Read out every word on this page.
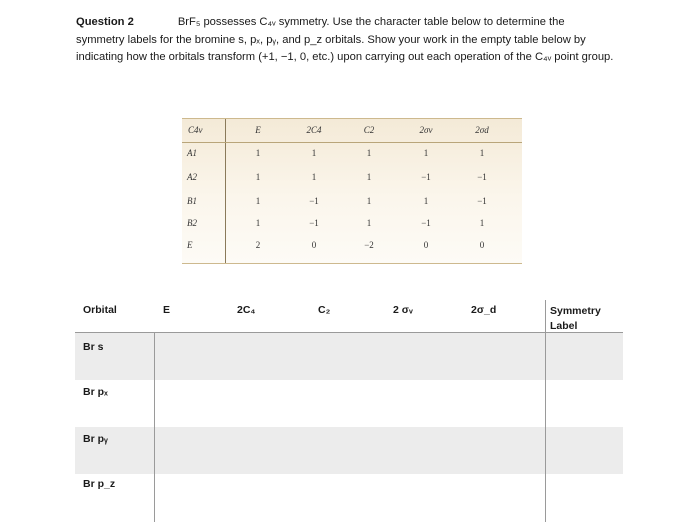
Question 2	BrF₅ possesses C₄ᵥ symmetry. Use the character table below to determine the symmetry labels for the bromine s, pₓ, pᵧ, and p_z orbitals. Show your work in the empty table below by indicating how the orbitals transform (+1, −1, 0, etc.) upon carrying out each operation of the C₄ᵥ point group.
C4v	E	2C4	C2	2σv	2σd
A1	1	1	1	1	1
A2	1	1	1	−1	−1
B1	1	−1	1	1	−1
B2	1	−1	1	−1	1
E	2	0	−2	0	0
Orbital	E	2C₄	C₂	2 σᵥ	2σ_d	Symmetry Label
Br s
Br pₓ
Br pᵧ
Br p_z
